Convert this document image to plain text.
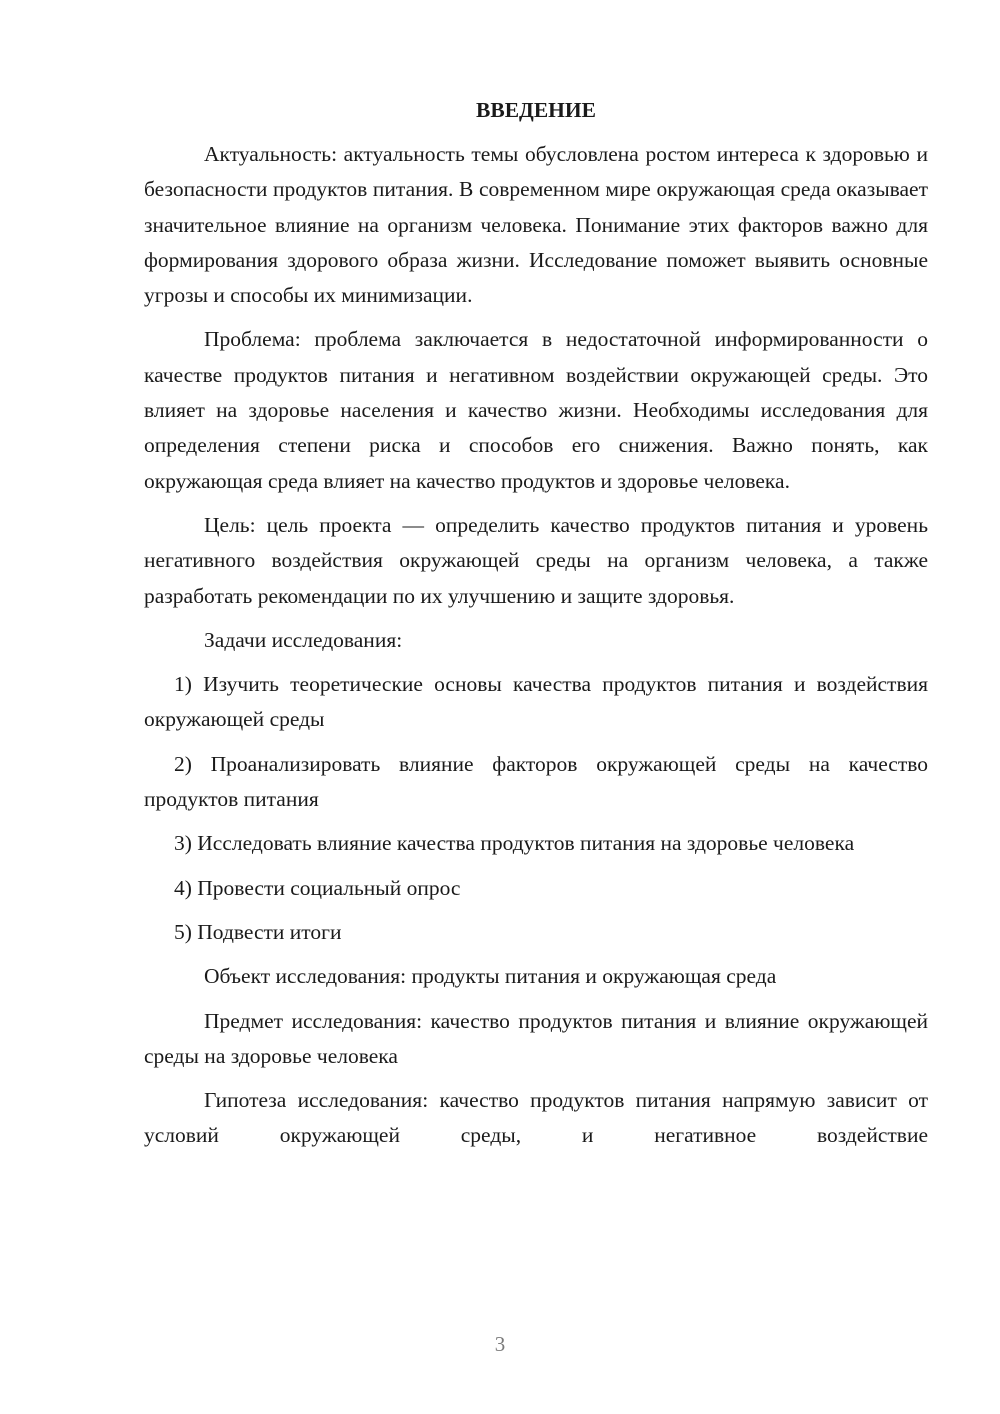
ВВЕДЕНИЕ

Актуальность: актуальность темы обусловлена ростом интереса к здоровью и безопасности продуктов питания. В современном мире окружающая среда оказывает значительное влияние на организм человека. Понимание этих факторов важно для формирования здорового образа жизни. Исследование поможет выявить основные угрозы и способы их минимизации.

Проблема: проблема заключается в недостаточной информированности о качестве продуктов питания и негативном воздействии окружающей среды. Это влияет на здоровье населения и качество жизни. Необходимы исследования для определения степени риска и способов его снижения. Важно понять, как окружающая среда влияет на качество продуктов и здоровье человека.

Цель: цель проекта — определить качество продуктов питания и уровень негативного воздействия окружающей среды на организм человека, а также разработать рекомендации по их улучшению и защите здоровья.

Задачи исследования:

1) Изучить теоретические основы качества продуктов питания и воздействия окружающей среды

2) Проанализировать влияние факторов окружающей среды на качество продуктов питания

3) Исследовать влияние качества продуктов питания на здоровье человека

4) Провести социальный опрос

5) Подвести итоги

Объект исследования: продукты питания и окружающая среда

Предмет исследования: качество продуктов питания и влияние окружающей среды на здоровье человека

Гипотеза исследования: качество продуктов питания напрямую зависит от условий окружающей среды, и негативное воздействие

3
